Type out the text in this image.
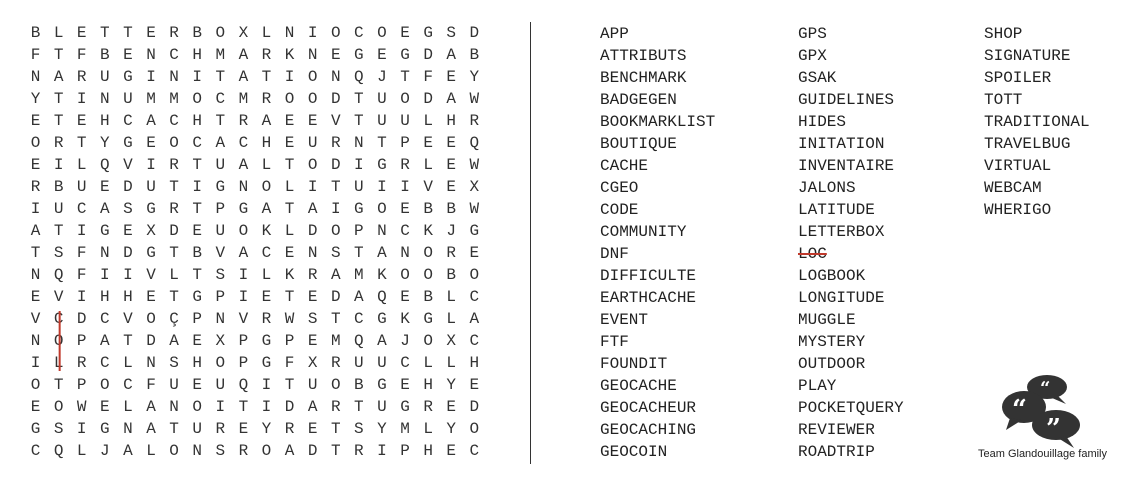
B L E T T E R B O X L N I O C O E G S D
F T F B E N C H M A R K N E G E G D A B
N A R U G I N I T A T I O N Q J T F E Y
Y T I N U M M O C M R O O D T U O D A W
E T E H C A C H T R A E E V T U U L H R
O R T Y G E O C A C H E U R N T P E E Q
E I L Q V I R T U A L T O D I G R L E W
R B U E D U T I G N O L I T U I I V E X
I U C A S G R T P G A T A I G O E B B W
A T I G E X D E U O K L D O P N C K J G
T S F N D G T B V A C E N S T A N O R E
N Q F I I V L T S I L K R A M K O O B O
E V I H H E T G P I E T E D A Q E B L C
V C D C V O Ç P N V R W S T C G K G L A
N O P A T D A E X P G P E M Q A J O X C
I L R C L N S H O P G F X R U U C L L H
O T P O C F U E U Q I T U O B G E H Y E
E O W E L A N O I T I D A R T U G R E D
G S I G N A T U R E Y R E T S Y M L Y O
C Q L J A L O N S R O A D T R I P H E C
APP
ATTRIBUTS
BENCHMARK
BADGEGEN
BOOKMARKLIST
BOUTIQUE
CACHE
CGEO
CODE
COMMUNITY
DNF
DIFFICULTE
EARTHCACHE
EVENT
FTF
FOUNDIT
GEOCACHE
GEOCACHEUR
GEOCACHING
GEOCOIN
GPS
GPX
GSAK
GUIDELINES
HIDES
INITATION
INVENTAIRE
JALONS
LATITUDE
LETTERBOX
LOC
LOGBOOK
LONGITUDE
MUGGLE
MYSTERY
OUTDOOR
PLAY
POCKETQUERY
REVIEWER
ROADTRIP
SHOP
SIGNATURE
SPOILER
TOTT
TRADITIONAL
TRAVELBUG
VIRTUAL
WEBCAM
WHERIGO
“
“
”
Team Glandouillage family
